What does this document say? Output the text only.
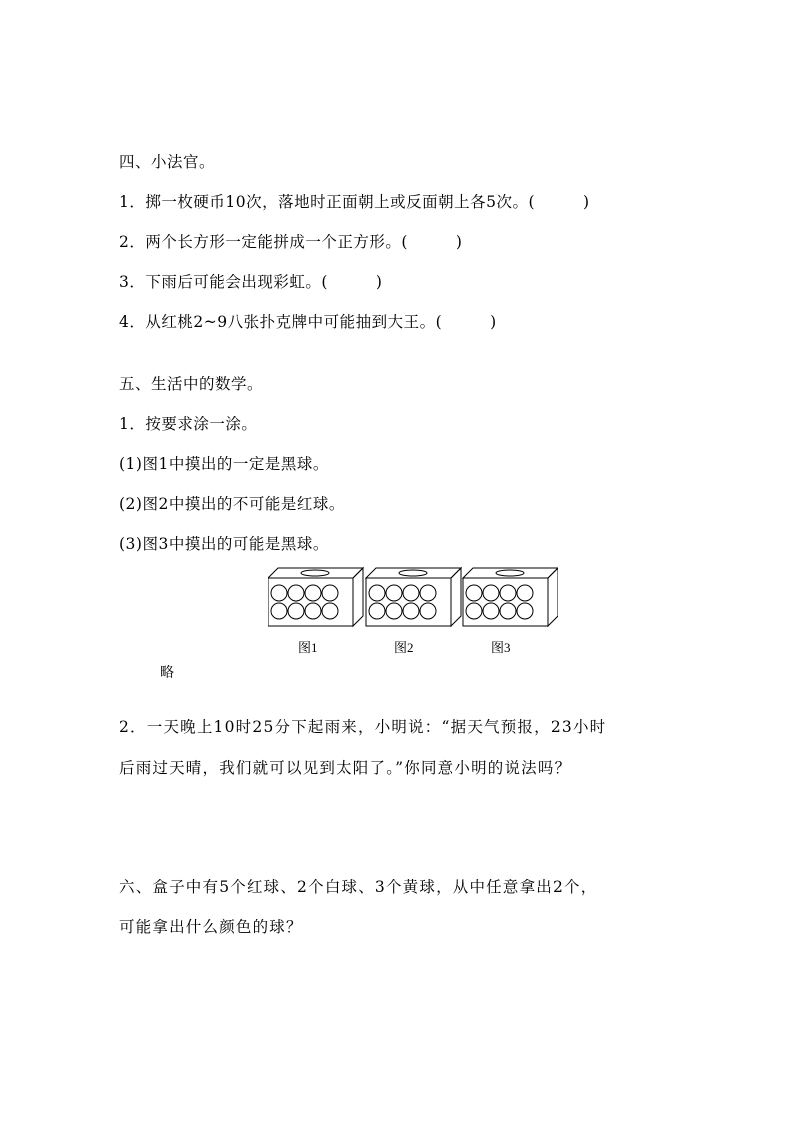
四、小法官。
1．掷一枚硬币10次，落地时正面朝上或反面朝上各5次。(　　　)
2．两个长方形一定能拼成一个正方形。(　　　)
3．下雨后可能会出现彩虹。(　　　)
4．从红桃2~9八张扑克牌中可能抽到大王。(　　　)
五、生活中的数学。
1．按要求涂一涂。
(1)图1中摸出的一定是黑球。
(2)图2中摸出的不可能是红球。
(3)图3中摸出的可能是黑球。
图1	图2	图3
略
2．一天晚上10时25分下起雨来，小明说：“据天气预报，23小时
后雨过天晴，我们就可以见到太阳了。”你同意小明的说法吗？
六、盒子中有5个红球、2个白球、3个黄球，从中任意拿出2个，
可能拿出什么颜色的球？
